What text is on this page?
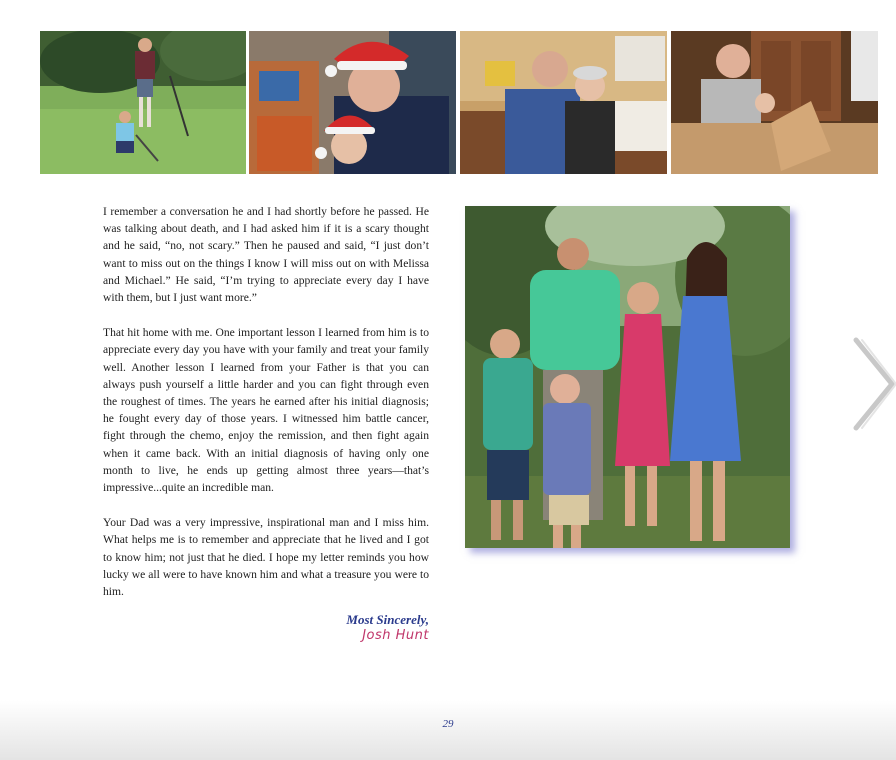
I remember a conversation he and I had shortly before he passed. He was talking about death, and I had asked him if it is a scary thought and he said, “no, not scary.” Then he paused and said, “I just don’t want to miss out on the things I know I will miss out on with Melissa and Michael.” He said, “I’m trying to appreciate every day I have with them, but I just want more.”

That hit home with me. One important lesson I learned from him is to appreciate every day you have with your family and treat your family well. Another lesson I learned from your Father is that you can always push yourself a little harder and you can fight through even the roughest of times. The years he earned after his initial diagnosis; he fought every day of those years. I witnessed him battle cancer, fight through the chemo, enjoy the remission, and then fight again when it came back. With an initial diagnosis of having only one month to live, he ends up getting almost three years—that’s impressive...quite an incredible man.

Your Dad was a very impressive, inspirational man and I miss him. What helps me is to remember and appreciate that he lived and I got to know him; not just that he died. I hope my letter reminds you how lucky we all were to have known him and what a treasure you were to him.

Most Sincerely,
Josh Hunt
29
